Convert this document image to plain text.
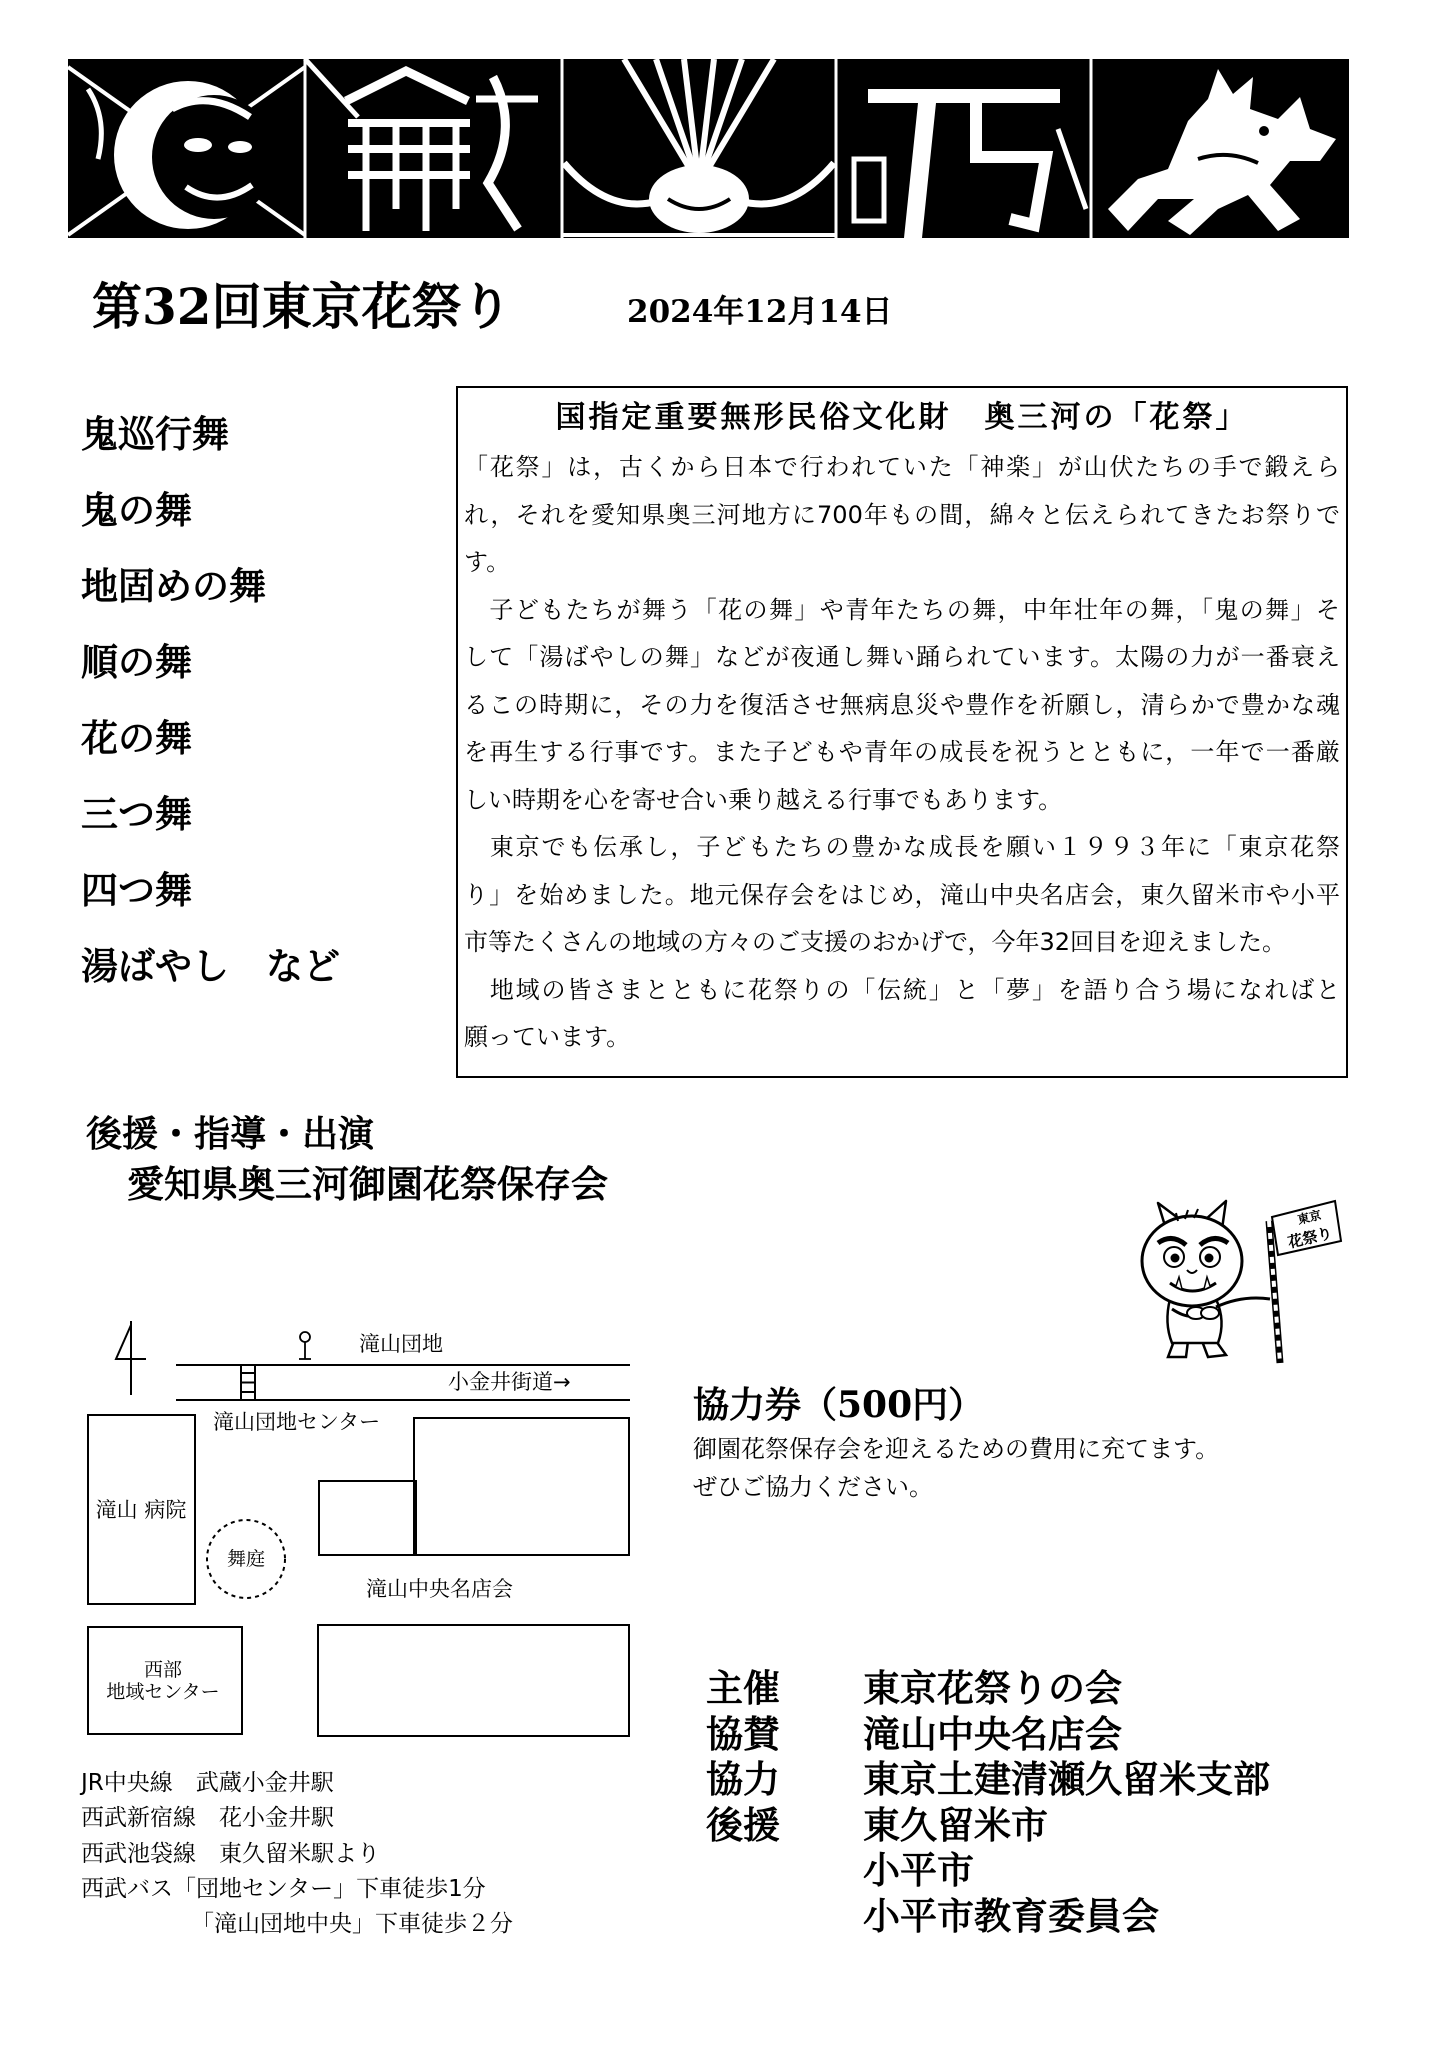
第32回東京花祭り	2024年12月14日
鬼巡行舞
鬼の舞
地固めの舞
順の舞
花の舞
三つ舞
四つ舞
湯ばやし　など
国指定重要無形民俗文化財　奥三河の「花祭」
「花祭」は，古くから日本で行われていた「神楽」が山伏たちの手で鍛えら
れ，それを愛知県奥三河地方に700年もの間，綿々と伝えられてきたお祭りで
す。
　子どもたちが舞う「花の舞」や青年たちの舞，中年壮年の舞，「鬼の舞」そ
して「湯ばやしの舞」などが夜通し舞い踊られています。太陽の力が一番衰え
るこの時期に，その力を復活させ無病息災や豊作を祈願し，清らかで豊かな魂
を再生する行事です。また子どもや青年の成長を祝うとともに，一年で一番厳
しい時期を心を寄せ合い乗り越える行事でもあります。
　東京でも伝承し，子どもたちの豊かな成長を願い１９９３年に「東京花祭
り」を始めました。地元保存会をはじめ，滝山中央名店会，東久留米市や小平
市等たくさんの地域の方々のご支援のおかげで，今年32回目を迎えました。
　地域の皆さまとともに花祭りの「伝統」と「夢」を語り合う場になればと
願っています。
後援・指導・出演
愛知県奥三河御園花祭保存会
東京
花祭り
滝山団地
小金井街道→
滝山団地センター
滝山 病院
舞庭
滝山中央名店会
西部
地域センター
JR中央線　武蔵小金井駅
西武新宿線　花小金井駅
西武池袋線　東久留米駅より
西武バス「団地センター」下車徒歩1分
「滝山団地中央」下車徒歩２分
協力券（500円）
御園花祭保存会を迎えるための費用に充てます。
ぜひご協力ください。
主催	東京花祭りの会
協賛	滝山中央名店会
協力	東京土建清瀬久留米支部
後援	東久留米市
小平市
小平市教育委員会
